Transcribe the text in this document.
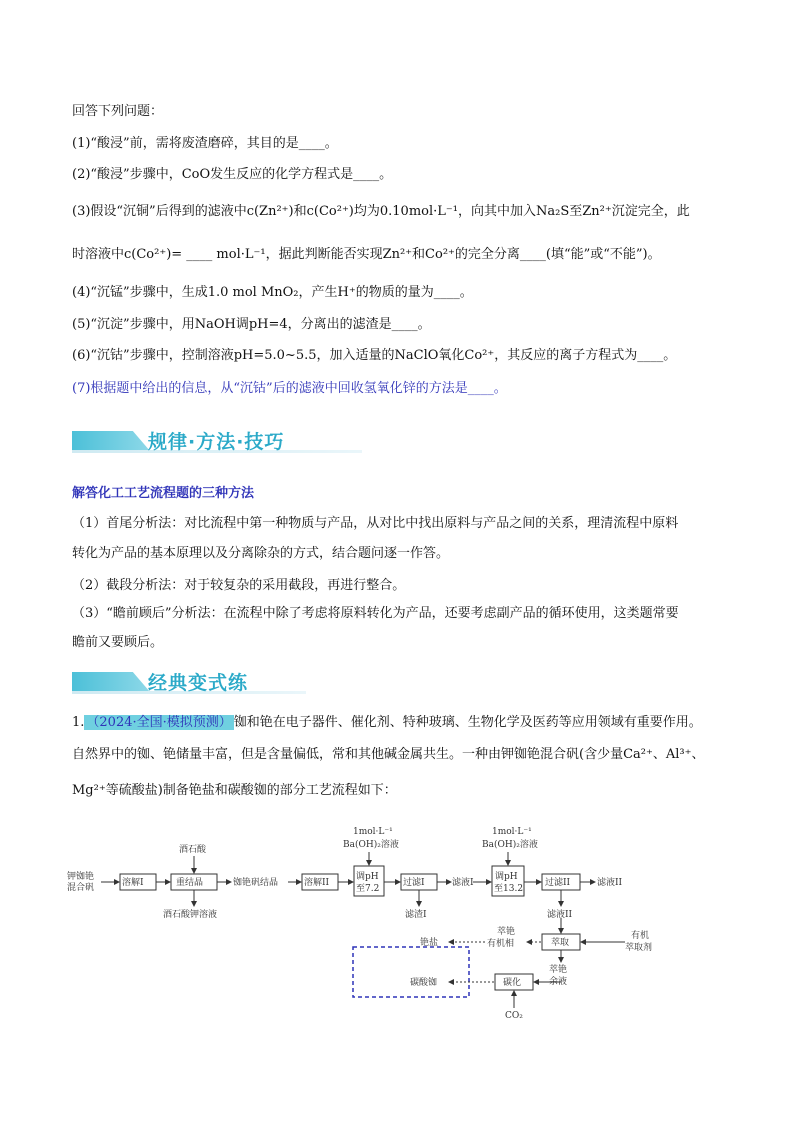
回答下列问题：
(1)“酸浸”前，需将废渣磨碎，其目的是____。
(2)“酸浸”步骤中，CoO发生反应的化学方程式是____。
(3)假设“沉铜”后得到的滤液中c(Zn²⁺)和c(Co²⁺)均为0.10mol·L⁻¹，向其中加入Na₂S至Zn²⁺沉淀完全，此
时溶液中c(Co²⁺)= ____ mol·L⁻¹，据此判断能否实现Zn²⁺和Co²⁺的完全分离____(填“能”或“不能”)。
(4)“沉锰”步骤中，生成1.0 mol MnO₂，产生H⁺的物质的量为____。
(5)“沉淀”步骤中，用NaOH调pH=4，分离出的滤渣是____。
(6)“沉钴”步骤中，控制溶液pH=5.0~5.5，加入适量的NaClO氧化Co²⁺，其反应的离子方程式为____。
(7)根据题中给出的信息，从“沉钴”后的滤液中回收氢氧化锌的方法是____。
规律·方法·技巧
解答化工工艺流程题的三种方法
（1）首尾分析法：对比流程中第一种物质与产品，从对比中找出原料与产品之间的关系，理清流程中原料
转化为产品的基本原理以及分离除杂的方式，结合题问逐一作答。
（2）截段分析法：对于较复杂的采用截段，再进行整合。
（3）“瞻前顾后”分析法：在流程中除了考虑将原料转化为产品，还要考虑副产品的循环使用，这类题常要
瞻前又要顾后。
经典变式练
1. （2024·全国·模拟预测） 铷和铯在电子器件、催化剂、特种玻璃、生物化学及医药等应用领域有重要作用。
自然界中的铷、铯储量丰富，但是含量偏低，常和其他碱金属共生。一种由钾铷铯混合矾(含少量Ca²⁺、Al³⁺、
Mg²⁺等硫酸盐)制备铯盐和碳酸铷的部分工艺流程如下：
钾铷铯
混合矾	溶解I
酒石酸
重结晶
酒石酸钾溶液
铷铯矾结晶	溶解II
1mol·L⁻¹
Ba(OH)₂溶液
调pH
至7.2
过滤I
滤渣I
滤液I
1mol·L⁻¹
Ba(OH)₂溶液
调pH
至13.2
过滤II	滤液II
滤液II
萃取
有机
萃取剂
萃铯
有机相
铯盐
萃铯
余液
碳化
碳酸铷
CO₂
